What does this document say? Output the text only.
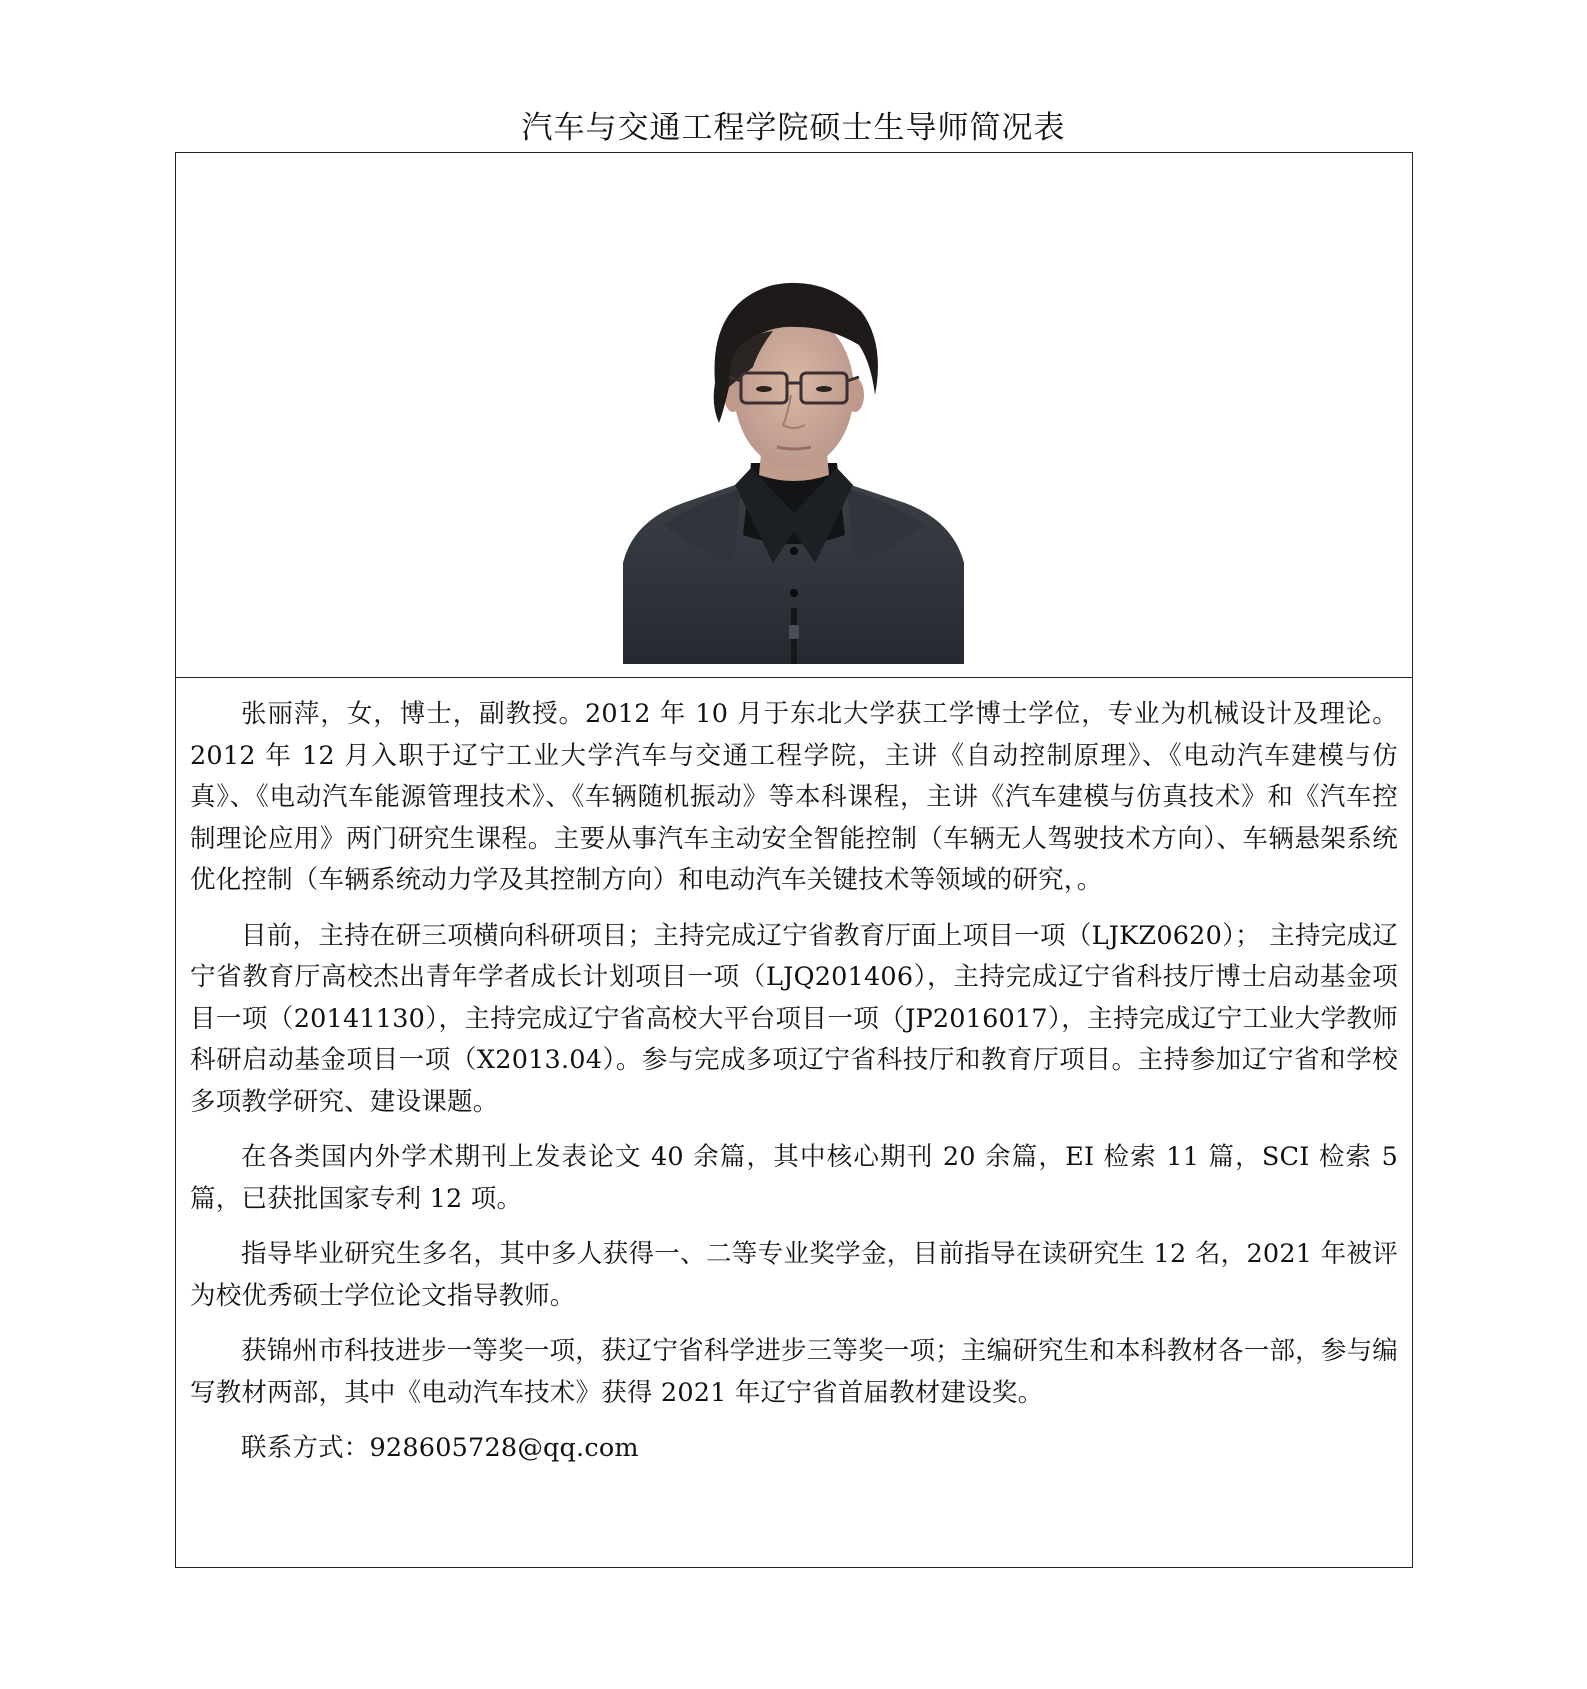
汽车与交通工程学院硕士生导师简况表

张丽萍，女，博士，副教授。2012 年 10 月于东北大学获工学博士学位，专业为机械设计及理论。2012 年 12 月入职于辽宁工业大学汽车与交通工程学院，主讲《自动控制原理》、《电动汽车建模与仿真》、《电动汽车能源管理技术》、《车辆随机振动》等本科课程，主讲《汽车建模与仿真技术》和《汽车控制理论应用》两门研究生课程。主要从事汽车主动安全智能控制（车辆无人驾驶技术方向）、车辆悬架系统优化控制（车辆系统动力学及其控制方向）和电动汽车关键技术等领域的研究，。

目前，主持在研三项横向科研项目；主持完成辽宁省教育厅面上项目一项（LJKZ0620）； 主持完成辽宁省教育厅高校杰出青年学者成长计划项目一项（LJQ201406），主持完成辽宁省科技厅博士启动基金项目一项（20141130），主持完成辽宁省高校大平台项目一项（JP2016017），主持完成辽宁工业大学教师科研启动基金项目一项（X2013.04）。参与完成多项辽宁省科技厅和教育厅项目。主持参加辽宁省和学校多项教学研究、建设课题。

在各类国内外学术期刊上发表论文 40 余篇，其中核心期刊 20 余篇，EI 检索 11 篇，SCI 检索 5 篇，已获批国家专利 12 项。

指导毕业研究生多名，其中多人获得一、二等专业奖学金，目前指导在读研究生 12 名，2021 年被评为校优秀硕士学位论文指导教师。

获锦州市科技进步一等奖一项，获辽宁省科学进步三等奖一项；主编研究生和本科教材各一部，参与编写教材两部，其中《电动汽车技术》获得 2021 年辽宁省首届教材建设奖。

联系方式：928605728@qq.com
